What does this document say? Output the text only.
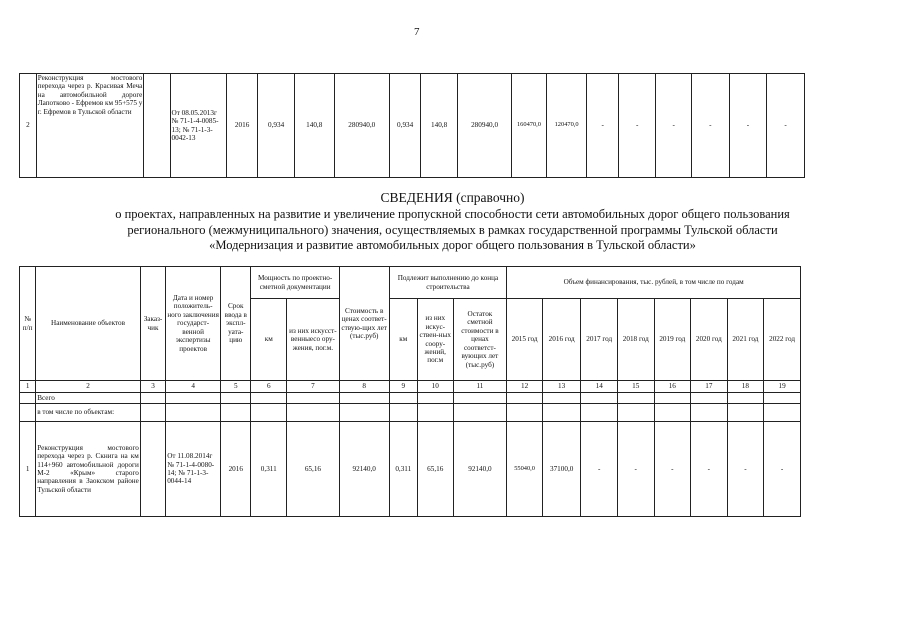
7
2	Реконструкция мостового перехода через р. Красивая Меча на автомобильной дороге Лапотково - Ефремов км 95+575 у г. Ефремов в Тульской области		От 08.05.2013г № 71-1-4-0085-13; № 71-1-3-0042-13	2016	0,934	140,8	280940,0	0,934	140,8	280940,0	160470,0	120470,0	-	-	-	-	-	-
СВЕДЕНИЯ (справочно)
о проектах, направленных на развитие и увеличение пропускной способности сети автомобильных дорог общего пользования
регионального (межмуниципального) значения, осуществляемых в рамках государственной программы Тульской области
«Модернизация и развитие автомобильных дорог общего пользования в Тульской области»
№ п/п	Наименование объектов	Заказ-чик	Дата и номер положитель-ного заключения государст-венной экспертизы проектов	Срок ввода в экспл-уата-цию	Мощность по проектно-сметной документации		Стоимость в ценах соответ-ствую-щих лет (тыс.руб)	Подлежит выполнению до конца строительства			Объем финансирования, тыс. рублей, в том числе по годам							
					км	из них искусст-венныесо ору-жения, пог.м.		км	из них искус-ствен-ных соору-жений, пог.м	Остаток сметной стоимости в ценах соответст-вующих лет (тыс.руб)	2015 год	2016 год	2017 год	2018 год	2019 год	2020 год	2021 год	2022 год
1	2	3	4	5	6	7	8	9	10	11	12	13	14	15	16	17	18	19
	Всего																	
	в том числе по объектам:																	
1	Реконструкция мостового перехода через р. Скнига на км 114+960 автомобильной дороги М-2 «Крым» старого направления в Заокском районе Тульской области		От 11.08.2014г № 71-1-4-0080-14; № 71-1-3-0044-14	2016	0,311	65,16	92140,0	0,311	65,16	92140,0	55040,0	37100,0	-	-	-	-	-	-
